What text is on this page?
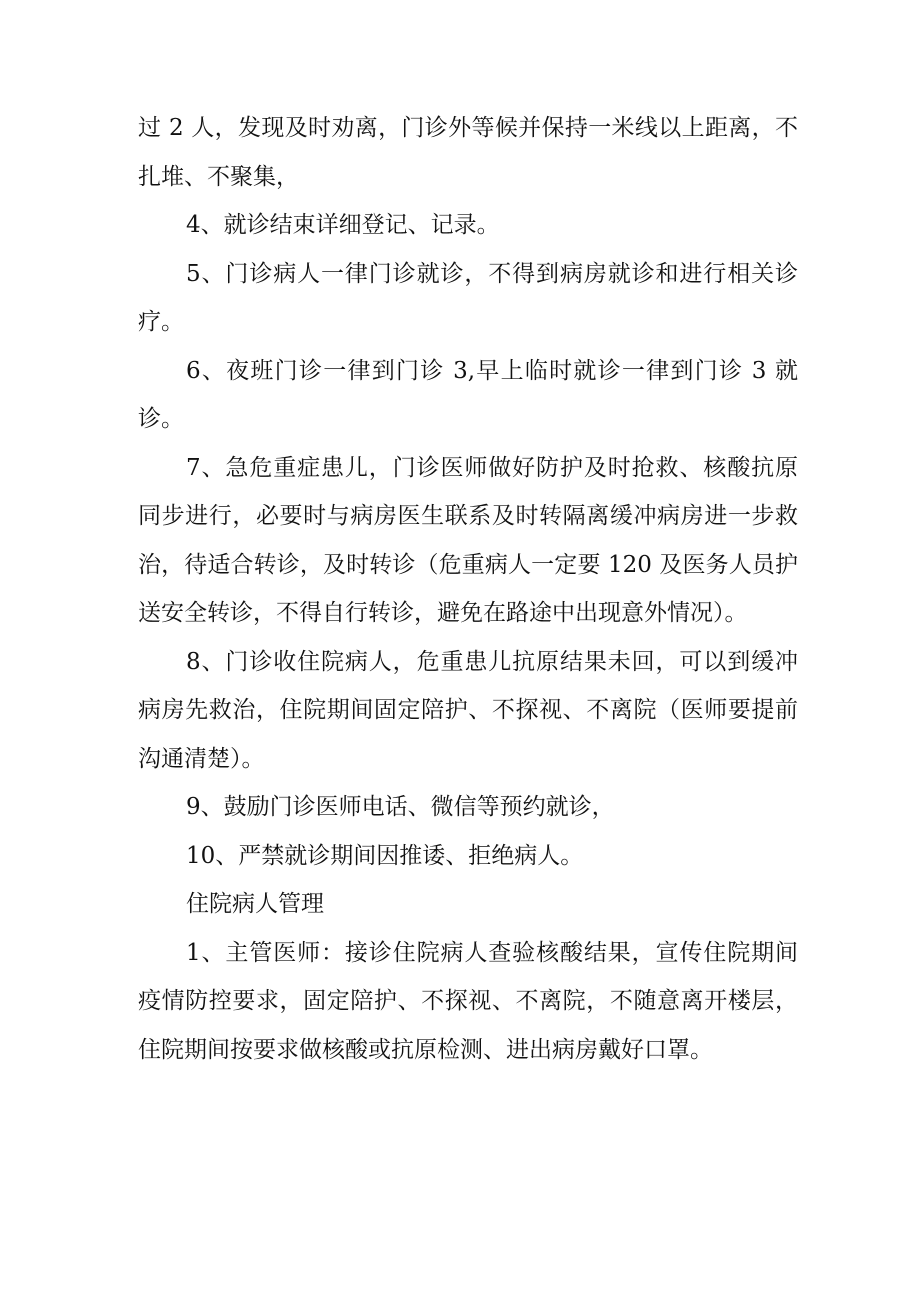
过 2 人，发现及时劝离，门诊外等候并保持一米线以上距离，不扎堆、不聚集，

4、就诊结束详细登记、记录。

5、门诊病人一律门诊就诊，不得到病房就诊和进行相关诊疗。

6、夜班门诊一律到门诊 3,早上临时就诊一律到门诊 3 就诊。

7、急危重症患儿，门诊医师做好防护及时抢救、核酸抗原同步进行，必要时与病房医生联系及时转隔离缓冲病房进一步救治，待适合转诊，及时转诊（危重病人一定要 120 及医务人员护送安全转诊，不得自行转诊，避免在路途中出现意外情况）。

8、门诊收住院病人，危重患儿抗原结果未回，可以到缓冲病房先救治，住院期间固定陪护、不探视、不离院（医师要提前沟通清楚）。

9、鼓励门诊医师电话、微信等预约就诊，

10、严禁就诊期间因推诿、拒绝病人。

住院病人管理

1、主管医师：接诊住院病人查验核酸结果，宣传住院期间疫情防控要求，固定陪护、不探视、不离院，不随意离开楼层，住院期间按要求做核酸或抗原检测、进出病房戴好口罩。
